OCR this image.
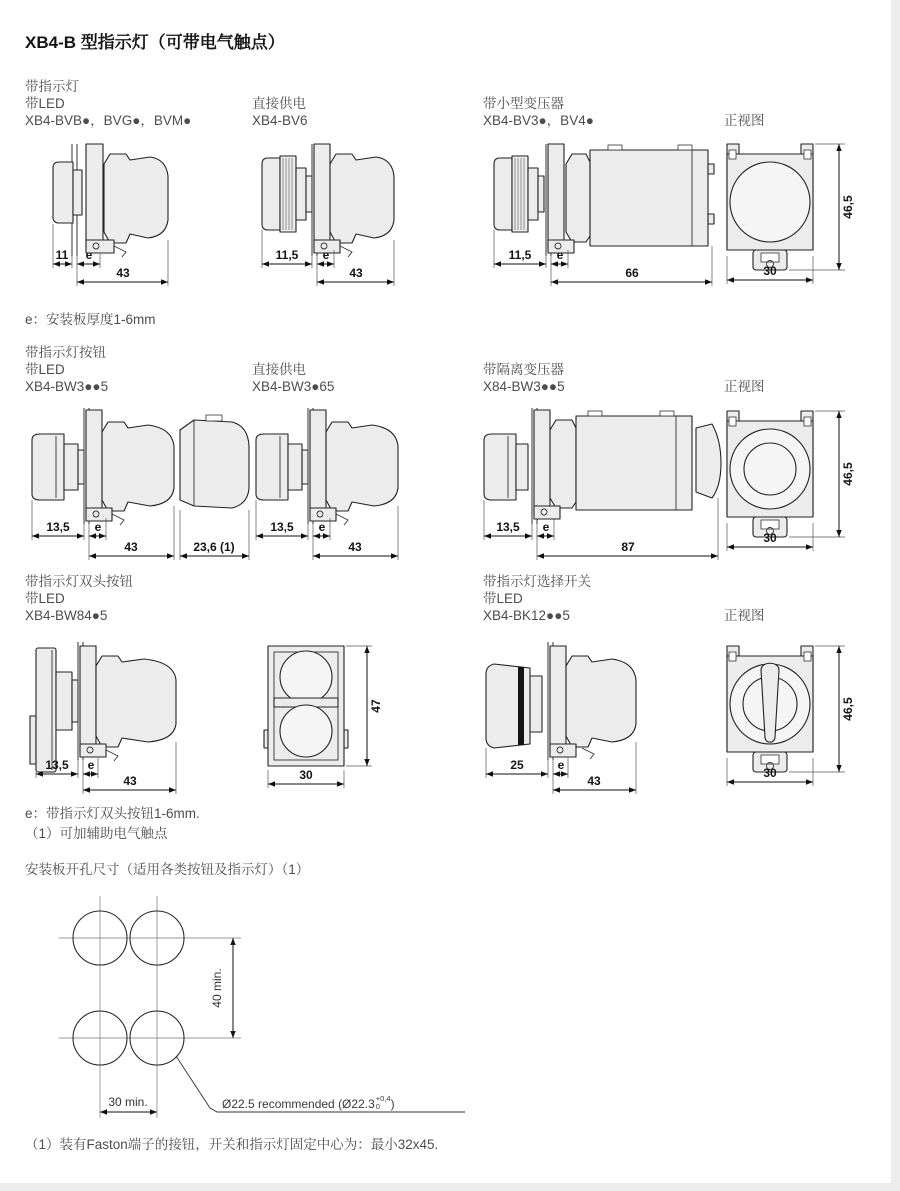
XB4-B 型指示灯（可带电气触点）
带指示灯
带LED
XB4-BVB●，BVG●，BVM●
直接供电
XB4-BV6
带小型变压器
XB4-BV3●，BV4●	正视图
11 e
43
11,5 e
43
11,5 e
66
46,5
30
e：安装板厚度1-6mm
带指示灯按钮
带LED
XB4-BW3●●5
直接供电
XB4-BW3●65
带隔离变压器
X84-BW3●●5	正视图
13,5 e
43	23,6 (1)
13,5 e
43
13,5 e
87
46,5
30
带指示灯双头按钮
带LED
XB4-BW84●5
带指示灯选择开关
带LED
XB4-BK12●●5	正视图
13,5 e
43
47
30
25	e
43
46,5
30
e：带指示灯双头按钮1-6mm.
（1）可加辅助电气触点
安装板开孔尺寸（适用各类按钮及指示灯）（1）
40 min.
30 min.	Ø22.5 recommended (Ø22.3 +0,4
0 )
（1）装有Faston端子的接钮，开关和指示灯固定中心为：最小32x45.
